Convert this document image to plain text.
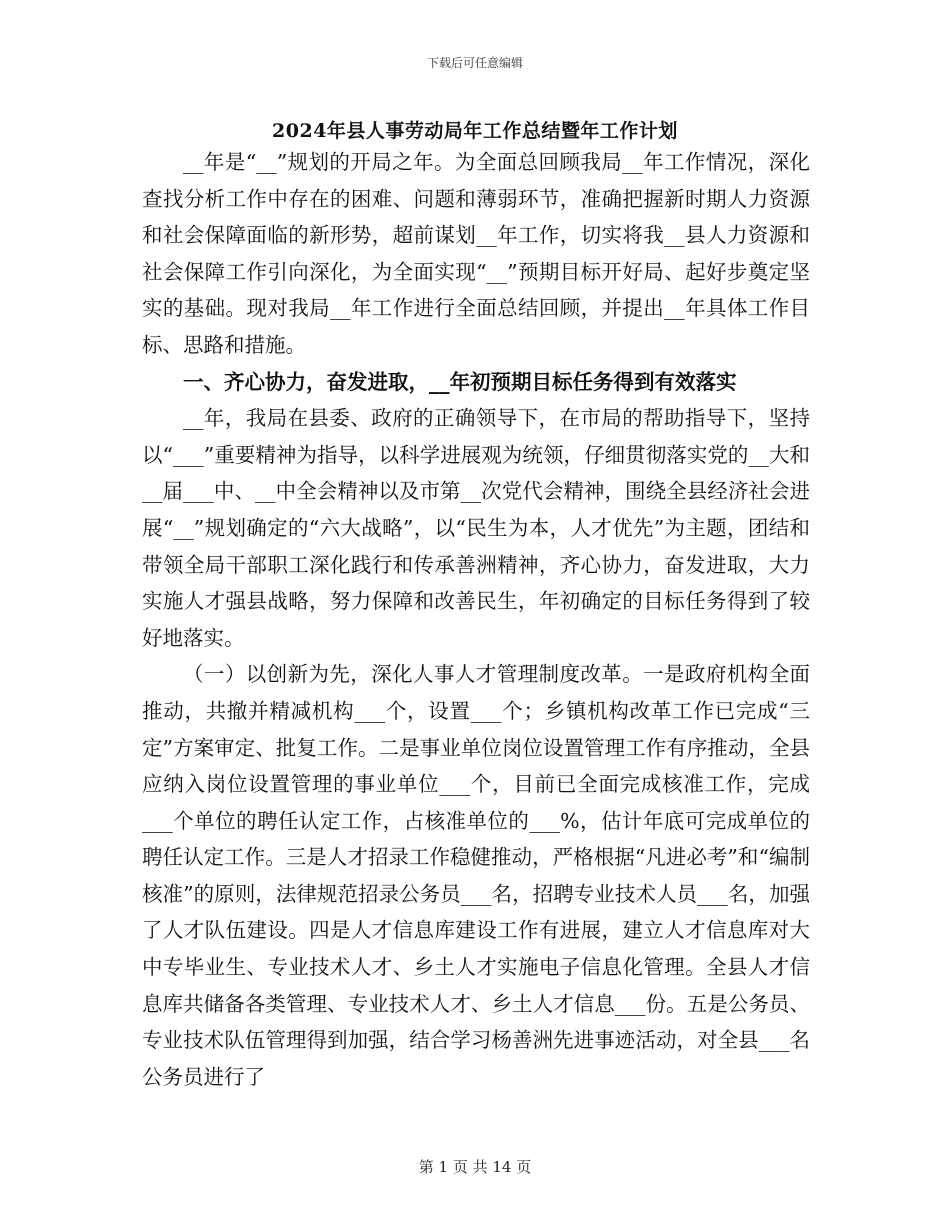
下载后可任意编辑
2024年县人事劳动局年工作总结暨年工作计划

__年是“__”规划的开局之年。为全面总回顾我局__年工作情况，深化查找分析工作中存在的困难、问题和薄弱环节，准确把握新时期人力资源和社会保障面临的新形势，超前谋划__年工作，切实将我__县人力资源和社会保障工作引向深化，为全面实现“__”预期目标开好局、起好步奠定坚实的基础。现对我局__年工作进行全面总结回顾，并提出__年具体工作目标、思路和措施。

一、齐心协力，奋发进取，__年初预期目标任务得到有效落实

__年，我局在县委、政府的正确领导下，在市局的帮助指导下，坚持以“___”重要精神为指导，以科学进展观为统领，仔细贯彻落实党的__大和__届___中、__中全会精神以及市第__次党代会精神，围绕全县经济社会进展“__”规划确定的“六大战略”，以“民生为本，人才优先”为主题，团结和带领全局干部职工深化践行和传承善洲精神，齐心协力，奋发进取，大力实施人才强县战略，努力保障和改善民生，年初确定的目标任务得到了较好地落实。

（一）以创新为先，深化人事人才管理制度改革。一是政府机构全面推动，共撤并精减机构___个，设置___个；乡镇机构改革工作已完成“三定”方案审定、批复工作。二是事业单位岗位设置管理工作有序推动，全县应纳入岗位设置管理的事业单位___个，目前已全面完成核准工作，完成___个单位的聘任认定工作，占核准单位的___%，估计年底可完成单位的聘任认定工作。三是人才招录工作稳健推动，严格根据“凡进必考”和“编制核准”的原则，法律规范招录公务员___名，招聘专业技术人员___名，加强了人才队伍建设。四是人才信息库建设工作有进展，建立人才信息库对大中专毕业生、专业技术人才、乡土人才实施电子信息化管理。全县人才信息库共储备各类管理、专业技术人才、乡土人才信息___份。五是公务员、专业技术队伍管理得到加强，结合学习杨善洲先进事迹活动，对全县___名公务员进行了

第 1 页 共 14 页
